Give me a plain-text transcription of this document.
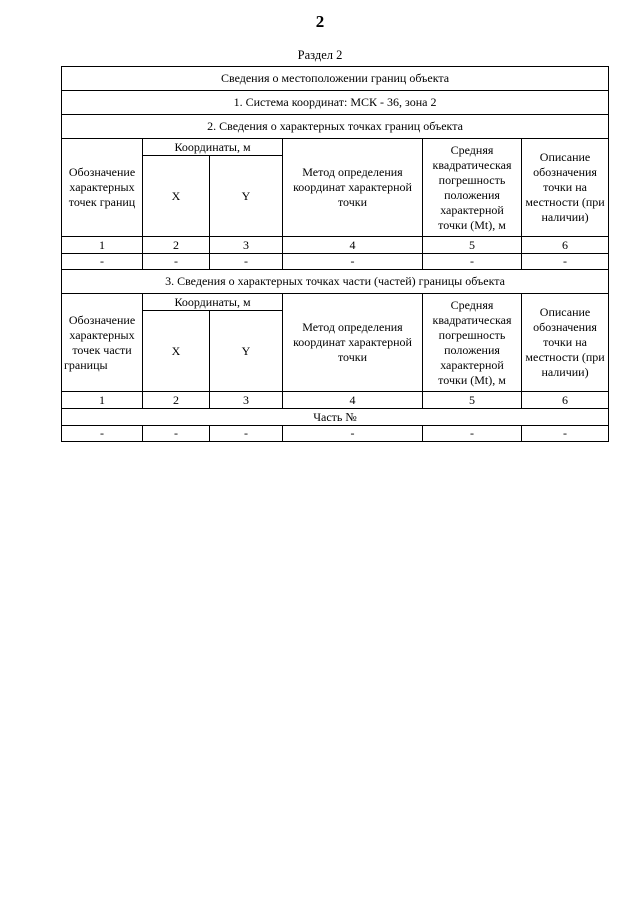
2
Раздел 2
Сведения о местоположении границ объекта					
1. Система координат: МСК - 36, зона 2					
2. Сведения о характерных точках границ объекта					
Обозначение характерных точек границ	Координаты, м		Метод определения координат характерной точки	Средняя квадратическая погрешность положения характерной точки (Mt), м	Описание обозначения точки на местности (при наличии)
	X	Y			
1	2	3	4	5	6
-	-	-	-	-	-
3. Сведения о характерных точках части (частей) границы объекта					
Обозначение характерных точек части границы	Координаты, м		Метод определения координат характерной точки	Средняя квадратическая погрешность положения характерной точки (Mt), м	Описание обозначения точки на местности (при наличии)
	X	Y			
1	2	3	4	5	6
Часть №					
-	-	-	-	-	-
